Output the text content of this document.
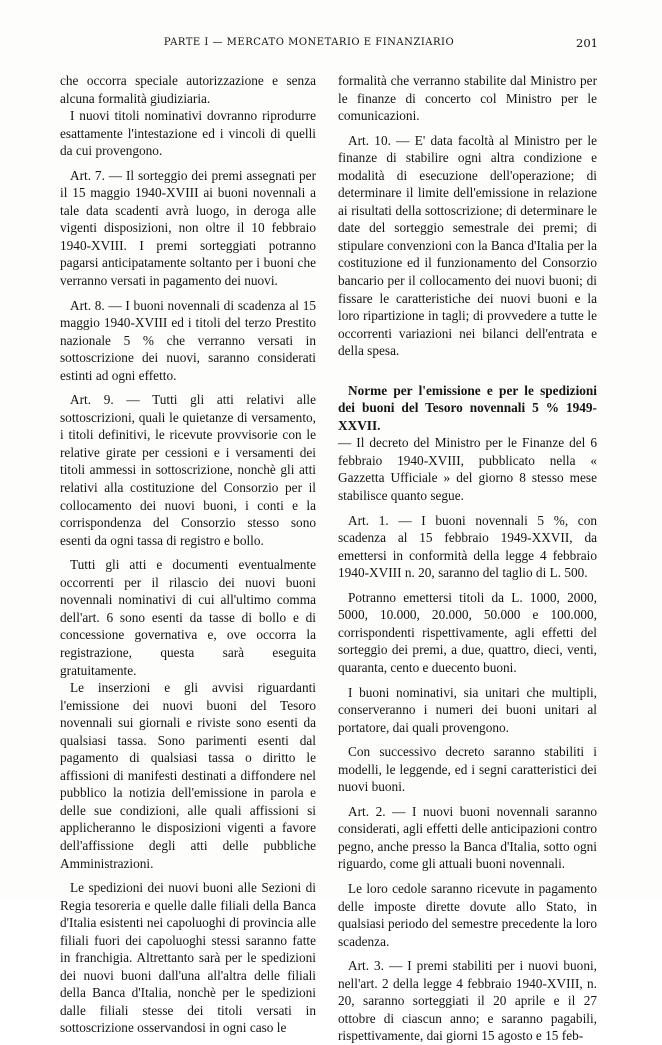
PARTE I — MERCATO MONETARIO E FINANZIARIO	201

che occorra speciale autorizzazione e senza alcuna formalità giudiziaria.

I nuovi titoli nominativi dovranno riprodurre esattamente l'intestazione ed i vincoli di quelli da cui provengono.

Art. 7. — Il sorteggio dei premi assegnati per il 15 maggio 1940-XVIII ai buoni novennali a tale data scadenti avrà luogo, in deroga alle vigenti disposizioni, non oltre il 10 febbraio 1940-XVIII. I premi sorteggiati potranno pagarsi anticipatamente soltanto per i buoni che verranno versati in pagamento dei nuovi.

Art. 8. — I buoni novennali di scadenza al 15 maggio 1940-XVIII ed i titoli del terzo Prestito nazionale 5 % che verranno versati in sottoscrizione dei nuovi, saranno considerati estinti ad ogni effetto.

Art. 9. — Tutti gli atti relativi alle sottoscrizioni, quali le quietanze di versamento, i titoli definitivi, le ricevute provvisorie con le relative girate per cessioni e i versamenti dei titoli ammessi in sottoscrizione, nonchè gli atti relativi alla costituzione del Consorzio per il collocamento dei nuovi buoni, i conti e la corrispondenza del Consorzio stesso sono esenti da ogni tassa di registro e bollo.

Tutti gli atti e documenti eventualmente occorrenti per il rilascio dei nuovi buoni novennali nominativi di cui all'ultimo comma dell'art. 6 sono esenti da tasse di bollo e di concessione governativa e, ove occorra la registrazione, questa sarà eseguita gratuitamente.

Le inserzioni e gli avvisi riguardanti l'emissione dei nuovi buoni del Tesoro novennali sui giornali e riviste sono esenti da qualsiasi tassa. Sono parimenti esenti dal pagamento di qualsiasi tassa o diritto le affissioni di manifesti destinati a diffondere nel pubblico la notizia dell'emissione in parola e delle sue condizioni, alle quali affissioni si applicheranno le disposizioni vigenti a favore dell'affissione degli atti delle pubbliche Amministrazioni.

Le spedizioni dei nuovi buoni alle Sezioni di Regia tesoreria e quelle dalle filiali della Banca d'Italia esistenti nei capoluoghi di provincia alle filiali fuori dei capoluoghi stessi saranno fatte in franchigia. Altrettanto sarà per le spedizioni dei nuovi buoni dall'una all'altra delle filiali della Banca d'Italia, nonchè per le spedizioni dalle filiali stesse dei titoli versati in sottoscrizione osservandosi in ogni caso le

formalità che verranno stabilite dal Ministro per le finanze di concerto col Ministro per le comunicazioni.

Art. 10. — E' data facoltà al Ministro per le finanze di stabilire ogni altra condizione e modalità di esecuzione dell'operazione; di determinare il limite dell'emissione in relazione ai risultati della sottoscrizione; di determinare le date del sorteggio semestrale dei premi; di stipulare convenzioni con la Banca d'Italia per la costituzione ed il funzionamento del Consorzio bancario per il collocamento dei nuovi buoni; di fissare le caratteristiche dei nuovi buoni e la loro ripartizione in tagli; di provvedere a tutte le occorrenti variazioni nei bilanci dell'entrata e della spesa.

Norme per l'emissione e per le spedizioni dei buoni del Tesoro novennali 5 % 1949-XXVII.

— Il decreto del Ministro per le Finanze del 6 febbraio 1940-XVIII, pubblicato nella « Gazzetta Ufficiale » del giorno 8 stesso mese stabilisce quanto segue.

Art. 1. — I buoni novennali 5 %, con scadenza al 15 febbraio 1949-XXVII, da emettersi in conformità della legge 4 febbraio 1940-XVIII n. 20, saranno del taglio di L. 500.

Potranno emettersi titoli da L. 1000, 2000, 5000, 10.000, 20.000, 50.000 e 100.000, corrispondenti rispettivamente, agli effetti del sorteggio dei premi, a due, quattro, dieci, venti, quaranta, cento e duecento buoni.

I buoni nominativi, sia unitari che multipli, conserveranno i numeri dei buoni unitari al portatore, dai quali provengono.

Con successivo decreto saranno stabiliti i modelli, le leggende, ed i segni caratteristici dei nuovi buoni.

Art. 2. — I nuovi buoni novennali saranno considerati, agli effetti delle anticipazioni contro pegno, anche presso la Banca d'Italia, sotto ogni riguardo, come gli attuali buoni novennali.

Le loro cedole saranno ricevute in pagamento delle imposte dirette dovute allo Stato, in qualsiasi periodo del semestre precedente la loro scadenza.

Art. 3. — I premi stabiliti per i nuovi buoni, nell'art. 2 della legge 4 febbraio 1940-XVIII, n. 20, saranno sorteggiati il 20 aprile e il 27 ottobre di ciascun anno; e saranno pagabili, rispettivamente, dai giorni 15 agosto e 15 feb-
